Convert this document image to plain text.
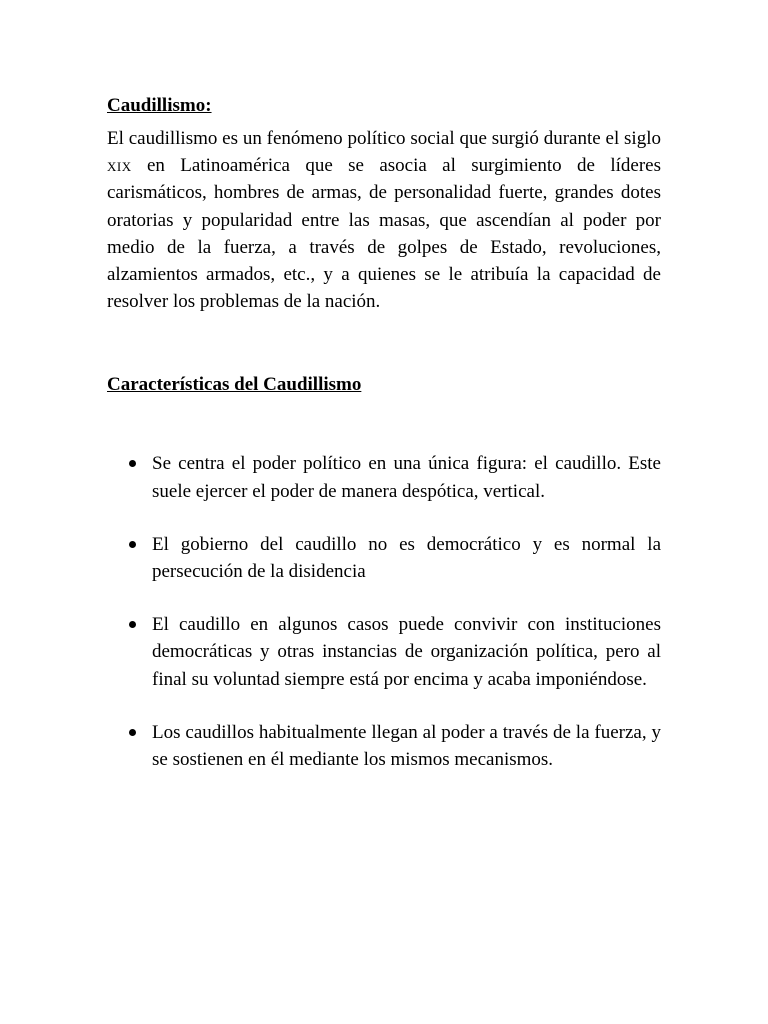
Caudillismo:

El caudillismo es un fenómeno político social que surgió durante el siglo xix en Latinoamérica que se asocia al surgimiento de líderes carismáticos, hombres de armas, de personalidad fuerte, grandes dotes oratorias y popularidad entre las masas, que ascendían al poder por medio de la fuerza, a través de golpes de Estado, revoluciones, alzamientos armados, etc., y a quienes se le atribuía la capacidad de resolver los problemas de la nación.

Características del Caudillismo
Se centra el poder político en una única figura: el caudillo. Este suele ejercer el poder de manera despótica, vertical.
El gobierno del caudillo no es democrático y es normal la persecución de la disidencia
El caudillo en algunos casos puede convivir con instituciones democráticas y otras instancias de organización política, pero al final su voluntad siempre está por encima y acaba imponiéndose.
Los caudillos habitualmente llegan al poder a través de la fuerza, y se sostienen en él mediante los mismos mecanismos.
